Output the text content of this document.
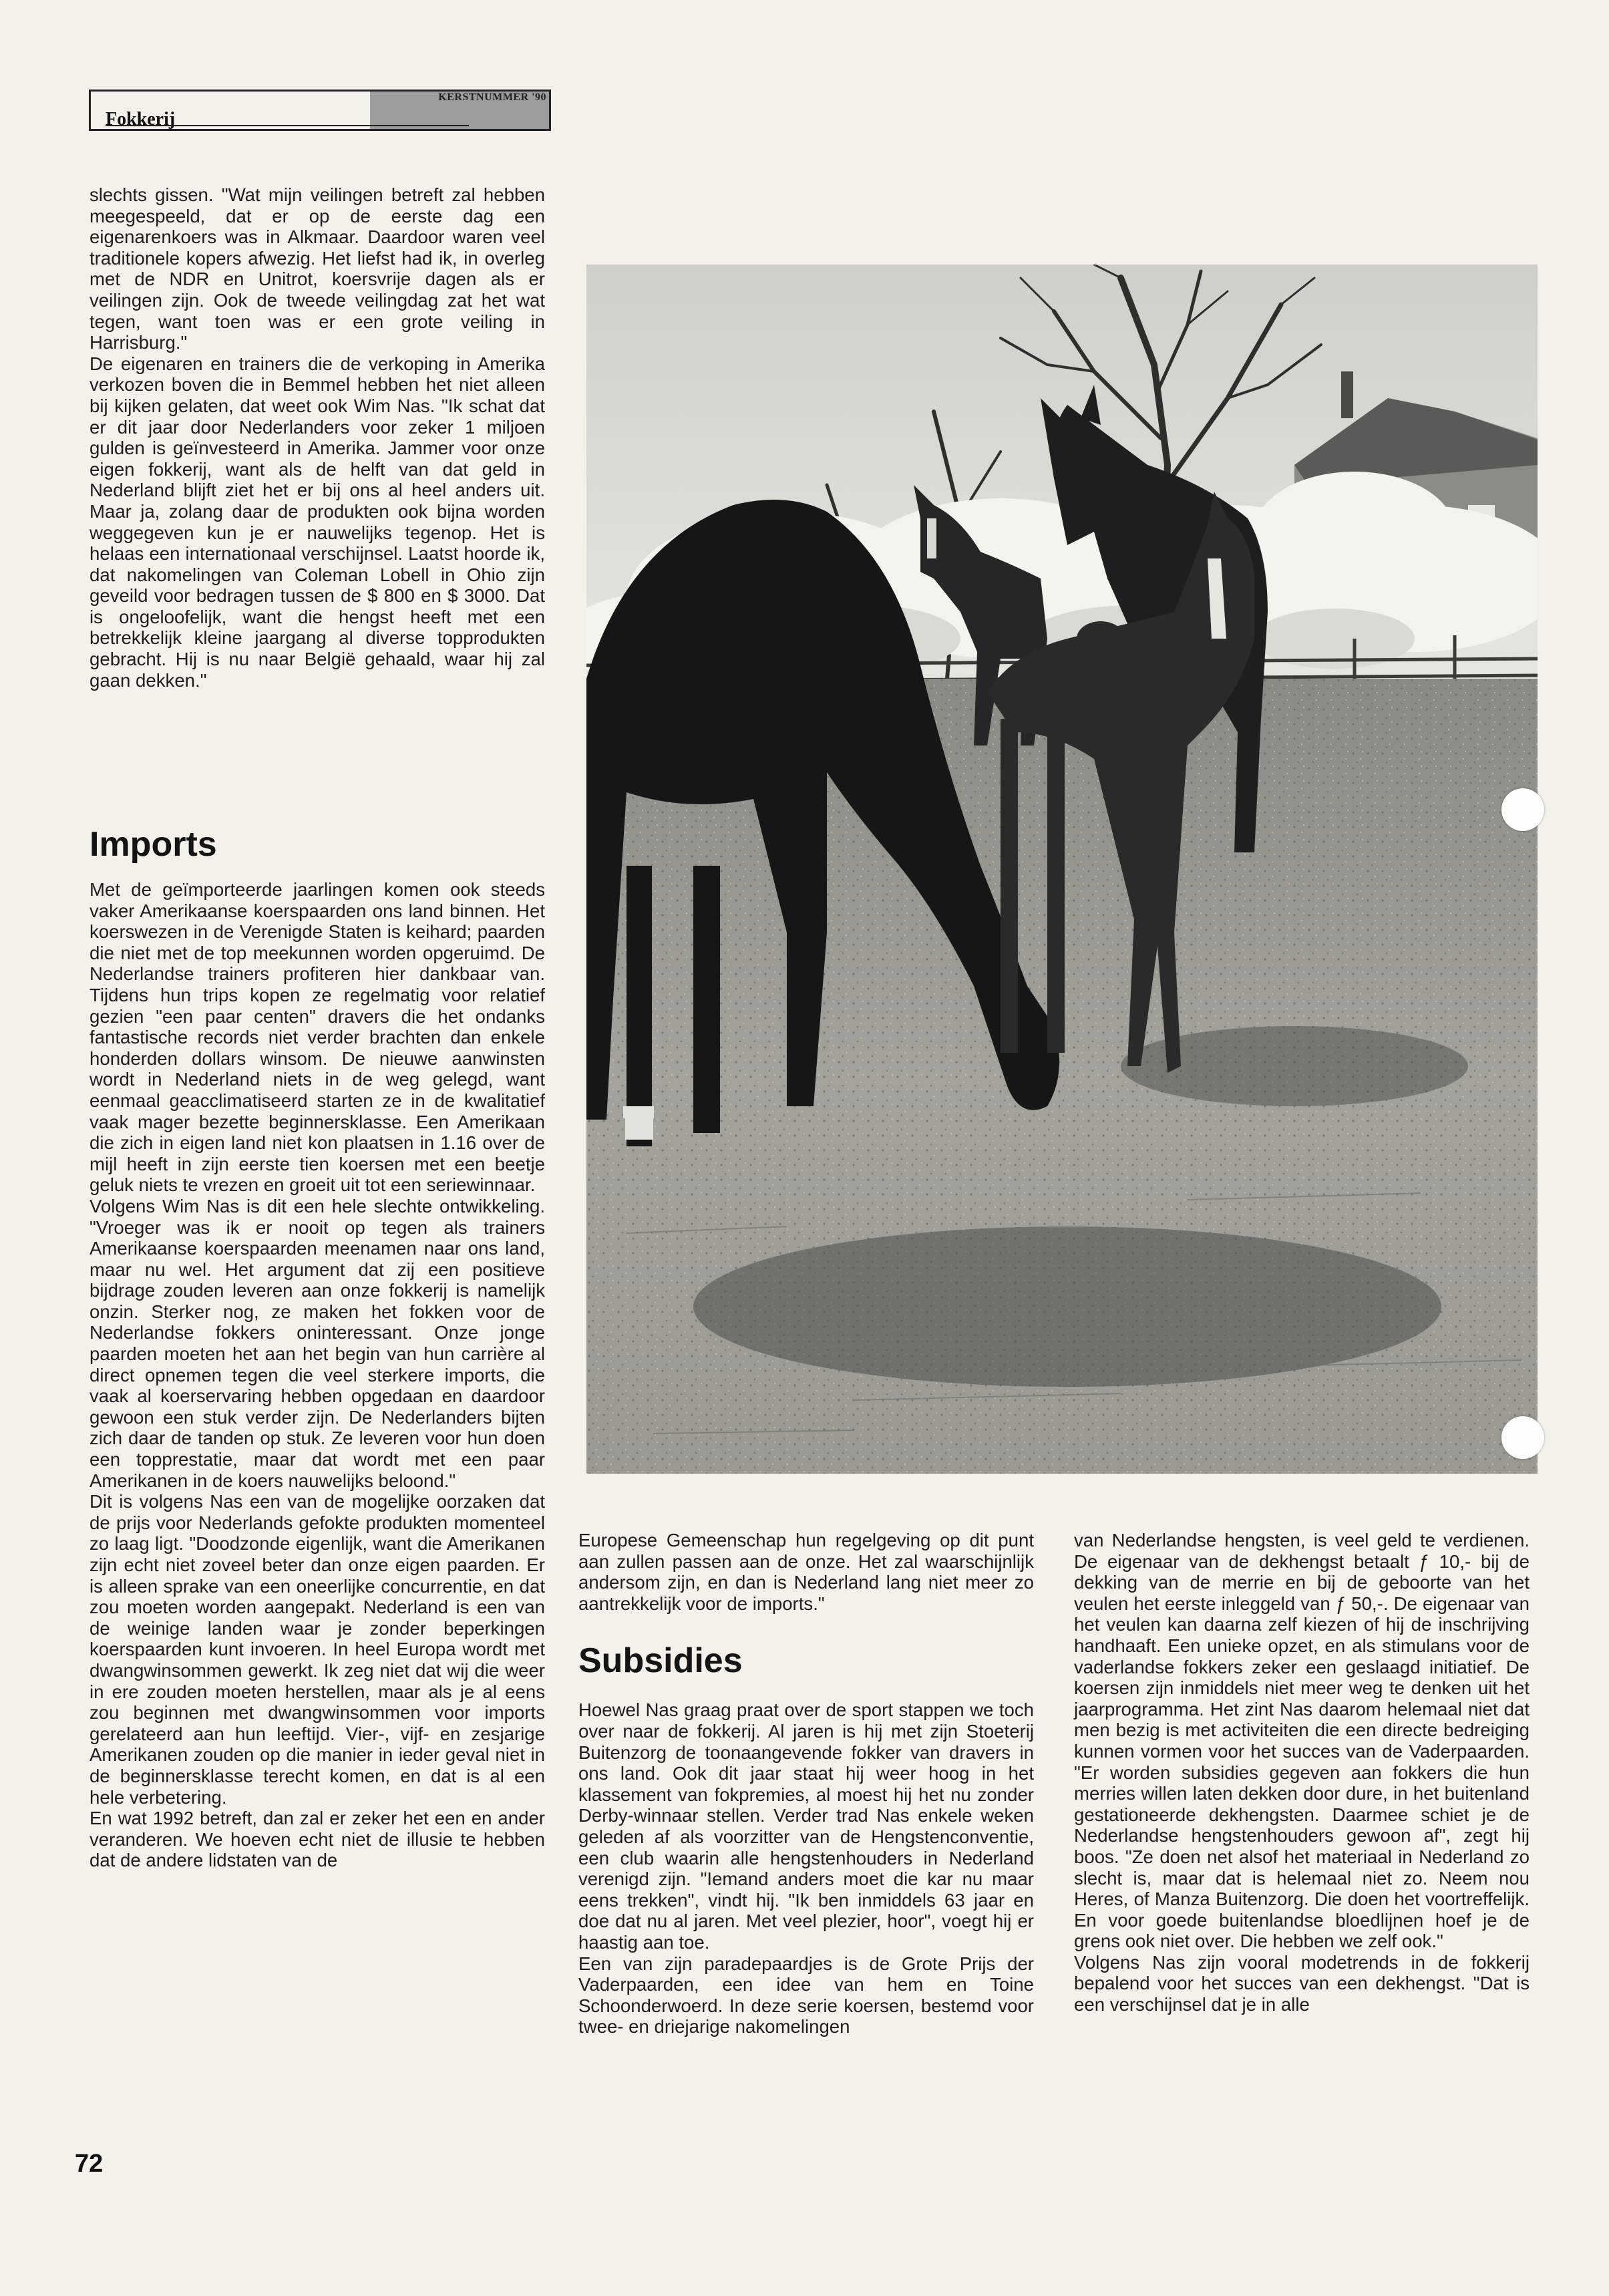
KERSTNUMMER '90
Fokkerij

slechts gissen. "Wat mijn veilingen betreft zal hebben meegespeeld, dat er op de eerste dag een eigenarenkoers was in Alkmaar. Daardoor waren veel traditionele kopers afwezig. Het liefst had ik, in overleg met de NDR en Unitrot, koersvrije dagen als er veilingen zijn. Ook de tweede veilingdag zat het wat tegen, want toen was er een grote veiling in Harrisburg."

De eigenaren en trainers die de verkoping in Amerika verkozen boven die in Bemmel hebben het niet alleen bij kijken gelaten, dat weet ook Wim Nas. "Ik schat dat er dit jaar door Nederlanders voor zeker 1 miljoen gulden is geïnvesteerd in Amerika. Jammer voor onze eigen fokkerij, want als de helft van dat geld in Nederland blijft ziet het er bij ons al heel anders uit. Maar ja, zolang daar de produkten ook bijna worden weggegeven kun je er nauwelijks tegenop. Het is helaas een internationaal verschijnsel. Laatst hoorde ik, dat nakomelingen van Coleman Lobell in Ohio zijn geveild voor bedragen tussen de $ 800 en $ 3000. Dat is ongeloofelijk, want die hengst heeft met een betrekkelijk kleine jaargang al diverse topprodukten gebracht. Hij is nu naar België gehaald, waar hij zal gaan dekken."

Imports

Met de geïmporteerde jaarlingen komen ook steeds vaker Amerikaanse koerspaarden ons land binnen. Het koerswezen in de Verenigde Staten is keihard; paarden die niet met de top meekunnen worden opgeruimd. De Nederlandse trainers profiteren hier dankbaar van. Tijdens hun trips kopen ze regelmatig voor relatief gezien "een paar centen" dravers die het ondanks fantastische records niet verder brachten dan enkele honderden dollars winsom. De nieuwe aanwinsten wordt in Nederland niets in de weg gelegd, want eenmaal geacclimatiseerd starten ze in de kwalitatief vaak mager bezette beginnersklasse. Een Amerikaan die zich in eigen land niet kon plaatsen in 1.16 over de mijl heeft in zijn eerste tien koersen met een beetje geluk niets te vrezen en groeit uit tot een seriewinnaar.

Volgens Wim Nas is dit een hele slechte ontwikkeling. "Vroeger was ik er nooit op tegen als trainers Amerikaanse koerspaarden meenamen naar ons land, maar nu wel. Het argument dat zij een positieve bijdrage zouden leveren aan onze fokkerij is namelijk onzin. Sterker nog, ze maken het fokken voor de Nederlandse fokkers oninteressant. Onze jonge paarden moeten het aan het begin van hun carrière al direct opnemen tegen die veel sterkere imports, die vaak al koerservaring hebben opgedaan en daardoor gewoon een stuk verder zijn. De Nederlanders bijten zich daar de tanden op stuk. Ze leveren voor hun doen een topprestatie, maar dat wordt met een paar Amerikanen in de koers nauwelijks beloond."

Dit is volgens Nas een van de mogelijke oorzaken dat de prijs voor Nederlands gefokte produkten momenteel zo laag ligt. "Doodzonde eigenlijk, want die Amerikanen zijn echt niet zoveel beter dan onze eigen paarden. Er is alleen sprake van een oneerlijke concurrentie, en dat zou moeten worden aangepakt. Nederland is een van de weinige landen waar je zonder beperkingen koerspaarden kunt invoeren. In heel Europa wordt met dwangwinsommen gewerkt. Ik zeg niet dat wij die weer in ere zouden moeten herstellen, maar als je al eens zou beginnen met dwangwinsommen voor imports gerelateerd aan hun leeftijd. Vier-, vijf- en zesjarige Amerikanen zouden op die manier in ieder geval niet in de beginnersklasse terecht komen, en dat is al een hele verbetering.

En wat 1992 betreft, dan zal er zeker het een en ander veranderen. We hoeven echt niet de illusie te hebben dat de andere lidstaten van de

Europese Gemeenschap hun regelgeving op dit punt aan zullen passen aan de onze. Het zal waarschijnlijk andersom zijn, en dan is Nederland lang niet meer zo aantrekkelijk voor de imports."

Subsidies

Hoewel Nas graag praat over de sport stappen we toch over naar de fokkerij. Al jaren is hij met zijn Stoeterij Buitenzorg de toonaangevende fokker van dravers in ons land. Ook dit jaar staat hij weer hoog in het klassement van fokpremies, al moest hij het nu zonder Derby-winnaar stellen. Verder trad Nas enkele weken geleden af als voorzitter van de Hengstenconventie, een club waarin alle hengstenhouders in Nederland verenigd zijn. "Iemand anders moet die kar nu maar eens trekken", vindt hij. "Ik ben inmiddels 63 jaar en doe dat nu al jaren. Met veel plezier, hoor", voegt hij er haastig aan toe.

Een van zijn paradepaardjes is de Grote Prijs der Vaderpaarden, een idee van hem en Toine Schoonderwoerd. In deze serie koersen, bestemd voor twee- en driejarige nakomelingen

van Nederlandse hengsten, is veel geld te verdienen. De eigenaar van de dekhengst betaalt ƒ 10,- bij de dekking van de merrie en bij de geboorte van het veulen het eerste inleggeld van ƒ 50,-. De eigenaar van het veulen kan daarna zelf kiezen of hij de inschrijving handhaaft. Een unieke opzet, en als stimulans voor de vaderlandse fokkers zeker een geslaagd initiatief. De koersen zijn inmiddels niet meer weg te denken uit het jaarprogramma. Het zint Nas daarom helemaal niet dat men bezig is met activiteiten die een directe bedreiging kunnen vormen voor het succes van de Vaderpaarden. "Er worden subsidies gegeven aan fokkers die hun merries willen laten dekken door dure, in het buitenland gestationeerde dekhengsten. Daarmee schiet je de Nederlandse hengstenhouders gewoon af", zegt hij boos. "Ze doen net alsof het materiaal in Nederland zo slecht is, maar dat is helemaal niet zo. Neem nou Heres, of Manza Buitenzorg. Die doen het voortreffelijk. En voor goede buitenlandse bloedlijnen hoef je de grens ook niet over. Die hebben we zelf ook."

Volgens Nas zijn vooral modetrends in de fokkerij bepalend voor het succes van een dekhengst. "Dat is een verschijnsel dat je in alle

72
